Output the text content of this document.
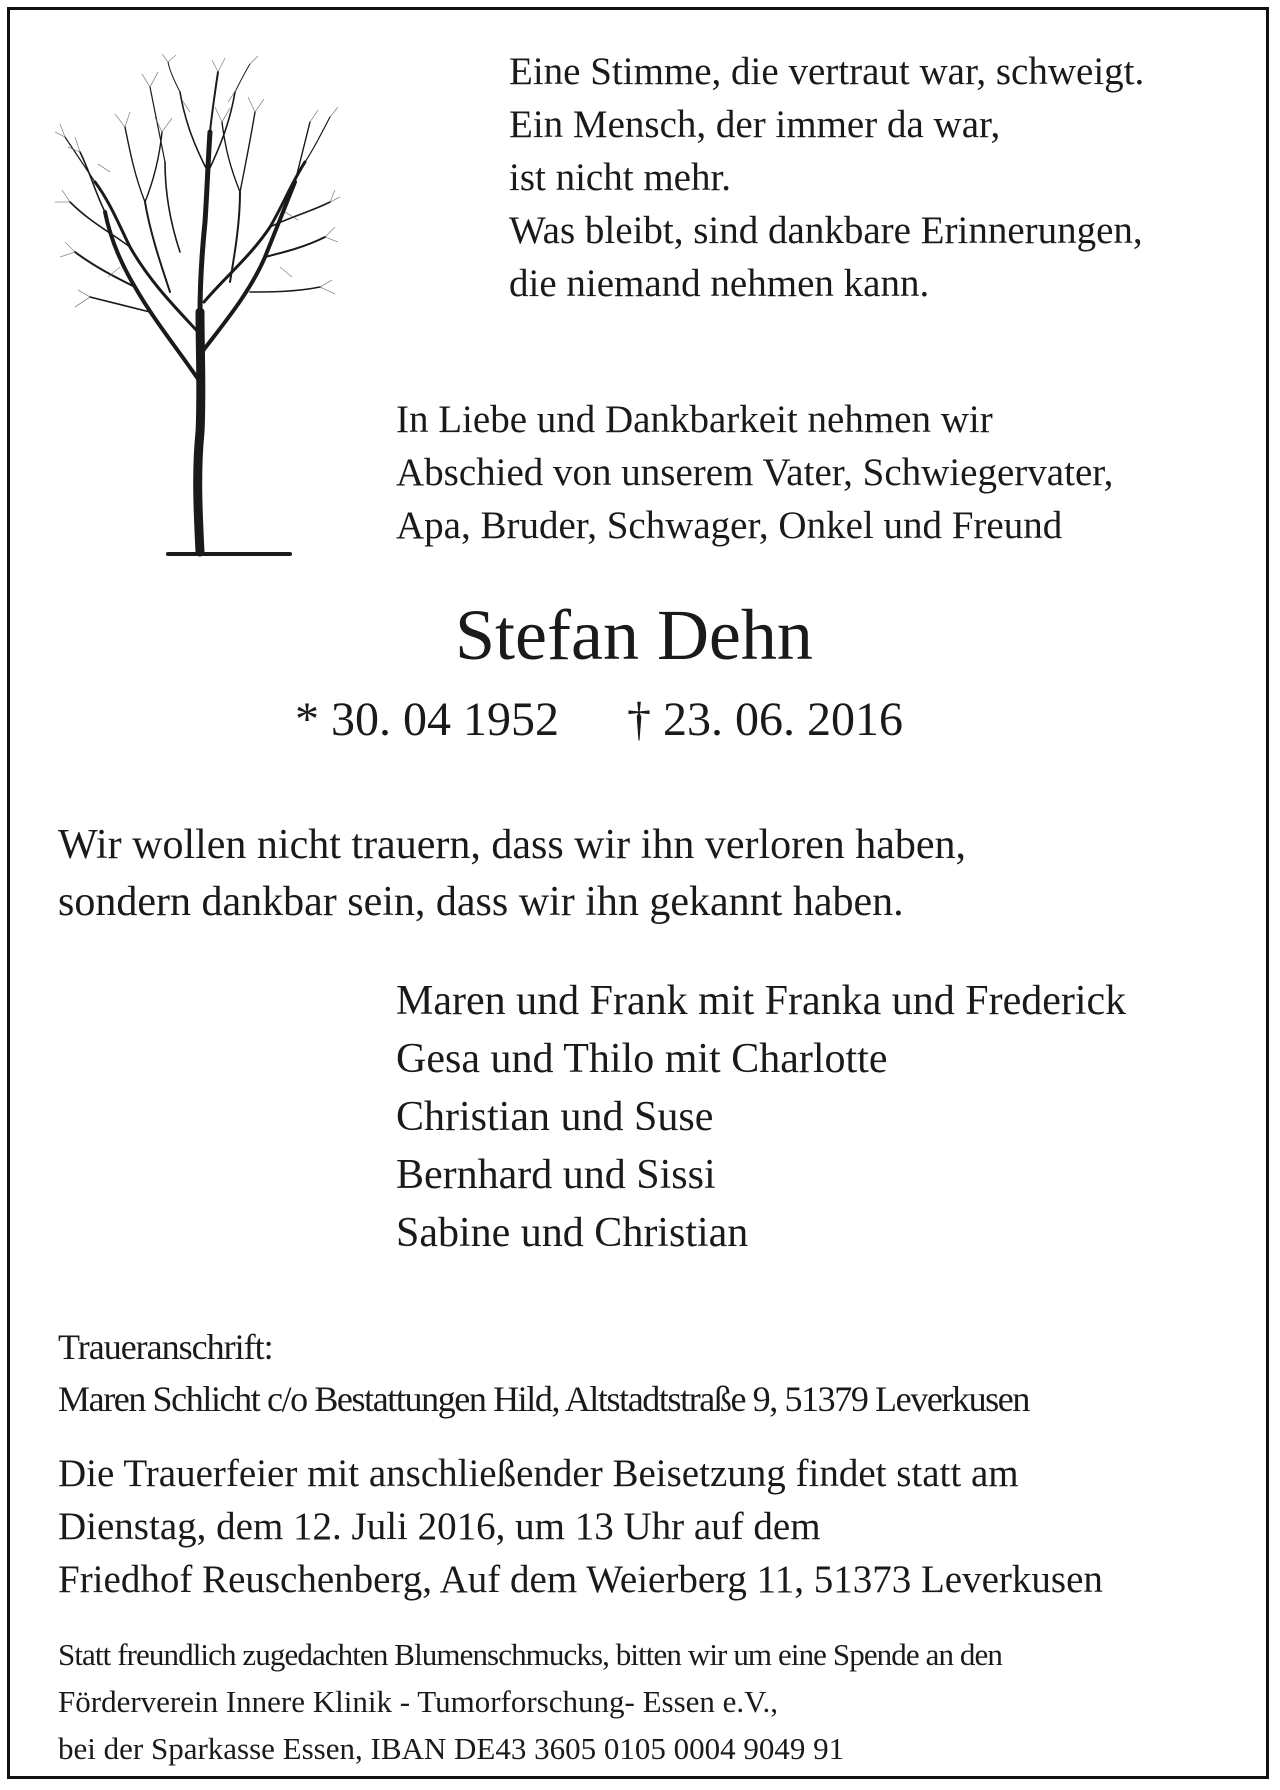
Eine Stimme, die vertraut war, schweigt.
Ein Mensch, der immer da war,
ist nicht mehr.
Was bleibt, sind dankbare Erinnerungen,
die niemand nehmen kann.
In Liebe und Dankbarkeit nehmen wir
Abschied von unserem Vater, Schwiegervater,
Apa, Bruder, Schwager, Onkel und Freund
Stefan Dehn
* 30. 04 1952 † 23. 06. 2016
Wir wollen nicht trauern, dass wir ihn verloren haben,
sondern dankbar sein, dass wir ihn gekannt haben.
Maren und Frank mit Franka und Frederick
Gesa und Thilo mit Charlotte
Christian und Suse
Bernhard und Sissi
Sabine und Christian
Traueranschrift:
Maren Schlicht c/o Bestattungen Hild, Altstadtstraße 9, 51379 Leverkusen
Die Trauerfeier mit anschließender Beisetzung findet statt am
Dienstag, dem 12. Juli 2016, um 13 Uhr auf dem
Friedhof Reuschenberg, Auf dem Weierberg 11, 51373 Leverkusen
Statt freundlich zugedachten Blumenschmucks, bitten wir um eine Spende an den
Förderverein Innere Klinik - Tumorforschung- Essen e.V.,
bei der Sparkasse Essen, IBAN DE43 3605 0105 0004 9049 91
